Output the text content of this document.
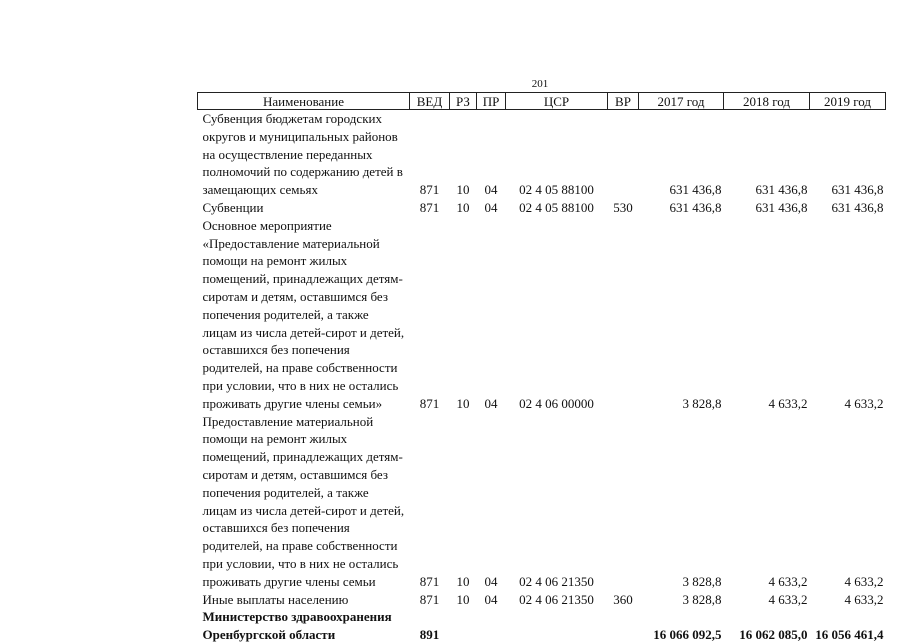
201
Наименование	ВЕД	РЗ	ПР	ЦСР	ВР	2017 год	2018 год	2019 год
Субвенция бюджетам городских округов и муниципальных районов на осуществление переданных полномочий по содержанию детей в замещающих семьях	871	10	04	02 4 05 88100		631 436,8	631 436,8	631 436,8
Субвенции	871	10	04	02 4 05 88100	530	631 436,8	631 436,8	631 436,8
Основное мероприятие «Предоставление материальной помощи на ремонт жилых помещений, принадлежащих детям-сиротам и детям, оставшимся без попечения родителей, а также лицам из числа детей-сирот и детей, оставшихся без попечения родителей, на праве собственности при условии, что в них не остались проживать другие члены семьи»	871	10	04	02 4 06 00000		3 828,8	4 633,2	4 633,2
Предоставление материальной помощи на ремонт жилых помещений, принадлежащих детям-сиротам и детям, оставшимся без попечения родителей, а также лицам из числа детей-сирот и детей, оставшихся без попечения родителей, на праве собственности при условии, что в них не остались проживать другие члены семьи	871	10	04	02 4 06 21350		3 828,8	4 633,2	4 633,2
Иные выплаты населению	871	10	04	02 4 06 21350	360	3 828,8	4 633,2	4 633,2
Министерство здравоохранения Оренбургской области	891					16 066 092,5	16 062 085,0	16 056 461,4
